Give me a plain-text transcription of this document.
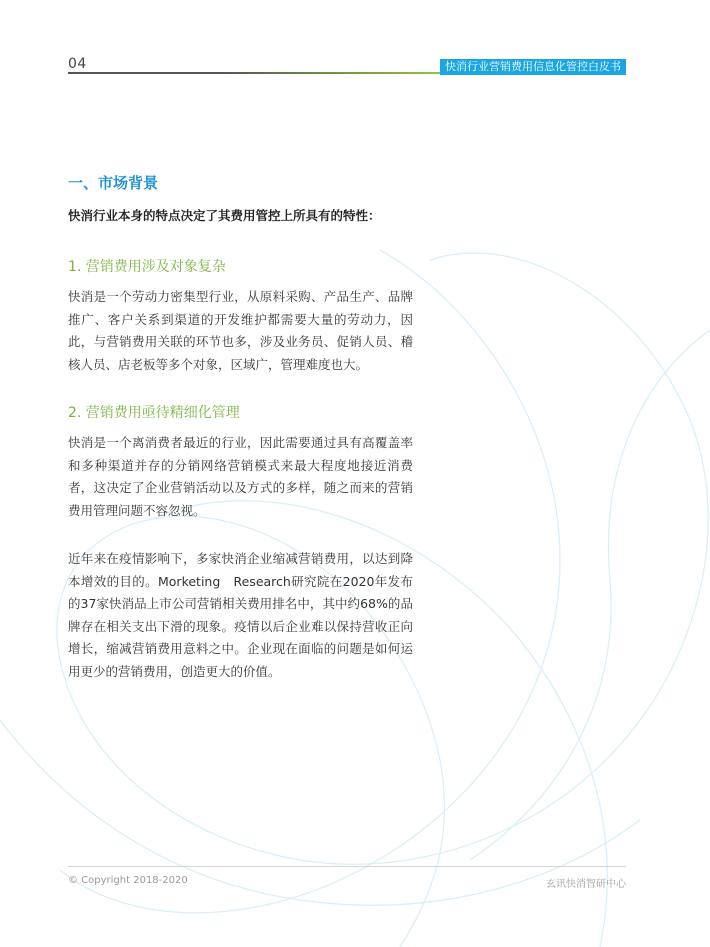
04	快消行业营销费用信息化管控白皮书
一、市场背景
快消行业本身的特点决定了其费用管控上所具有的特性：
1. 营销费用涉及对象复杂

快消是一个劳动力密集型行业，从原料采购、产品生产、品牌推广、客户关系到渠道的开发维护都需要大量的劳动力，因此，与营销费用关联的环节也多，涉及业务员、促销人员、稽核人员、店老板等多个对象，区域广，管理难度也大。

2. 营销费用亟待精细化管理

快消是一个离消费者最近的行业，因此需要通过具有高覆盖率和多种渠道并存的分销网络营销模式来最大程度地接近消费者，这决定了企业营销活动以及方式的多样，随之而来的营销费用管理问题不容忽视。

近年来在疫情影响下，多家快消企业缩减营销费用，以达到降本增效的目的。Morketing　Research研究院在2020年发布的37家快消品上市公司营销相关费用排名中，其中约68%的品牌存在相关支出下滑的现象。疫情以后企业难以保持营收正向增长，缩减营销费用意料之中。企业现在面临的问题是如何运用更少的营销费用，创造更大的价值。

© Copyright 2018-2020	玄讯快消智研中心
